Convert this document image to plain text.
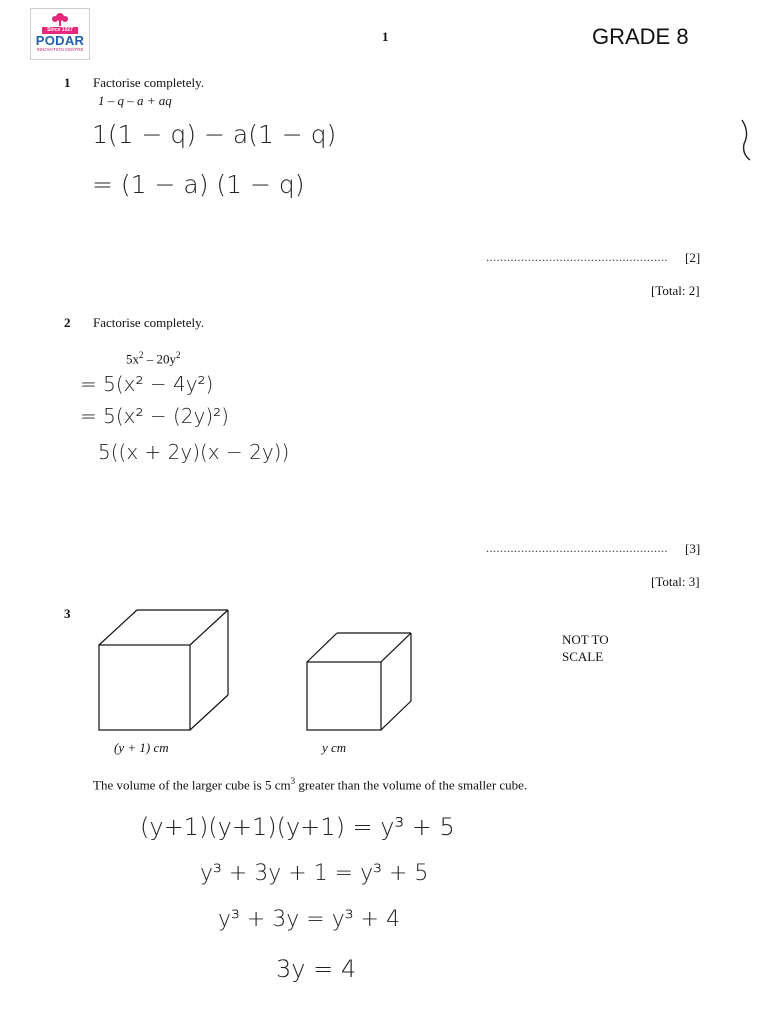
Since 1927
PODAR
INNOVATION CENTRE
1	GRADE 8
1 Factorise completely.
1 – q – a + aq
1(1 − q) − a(1 − q)
= (1 − a) (1 − q)
.................................................... [2]
[Total: 2]
2 Factorise completely.
$5x^2 - 20y^2$
= 5(x² − 4y²)
= 5(x² − (2y)²)
5((x + 2y)(x − 2y))
.................................................... [3]
[Total: 3]
3
NOT TO
SCALE
(y + 1) cm	y cm
The volume of the larger cube is 5 $cm^3$ greater than the volume of the smaller cube.
(y+1)(y+1)(y+1) = y³ + 5
y³ + 3y + 1 = y³ + 5
y³ + 3y = y³ + 4
3y = 4
